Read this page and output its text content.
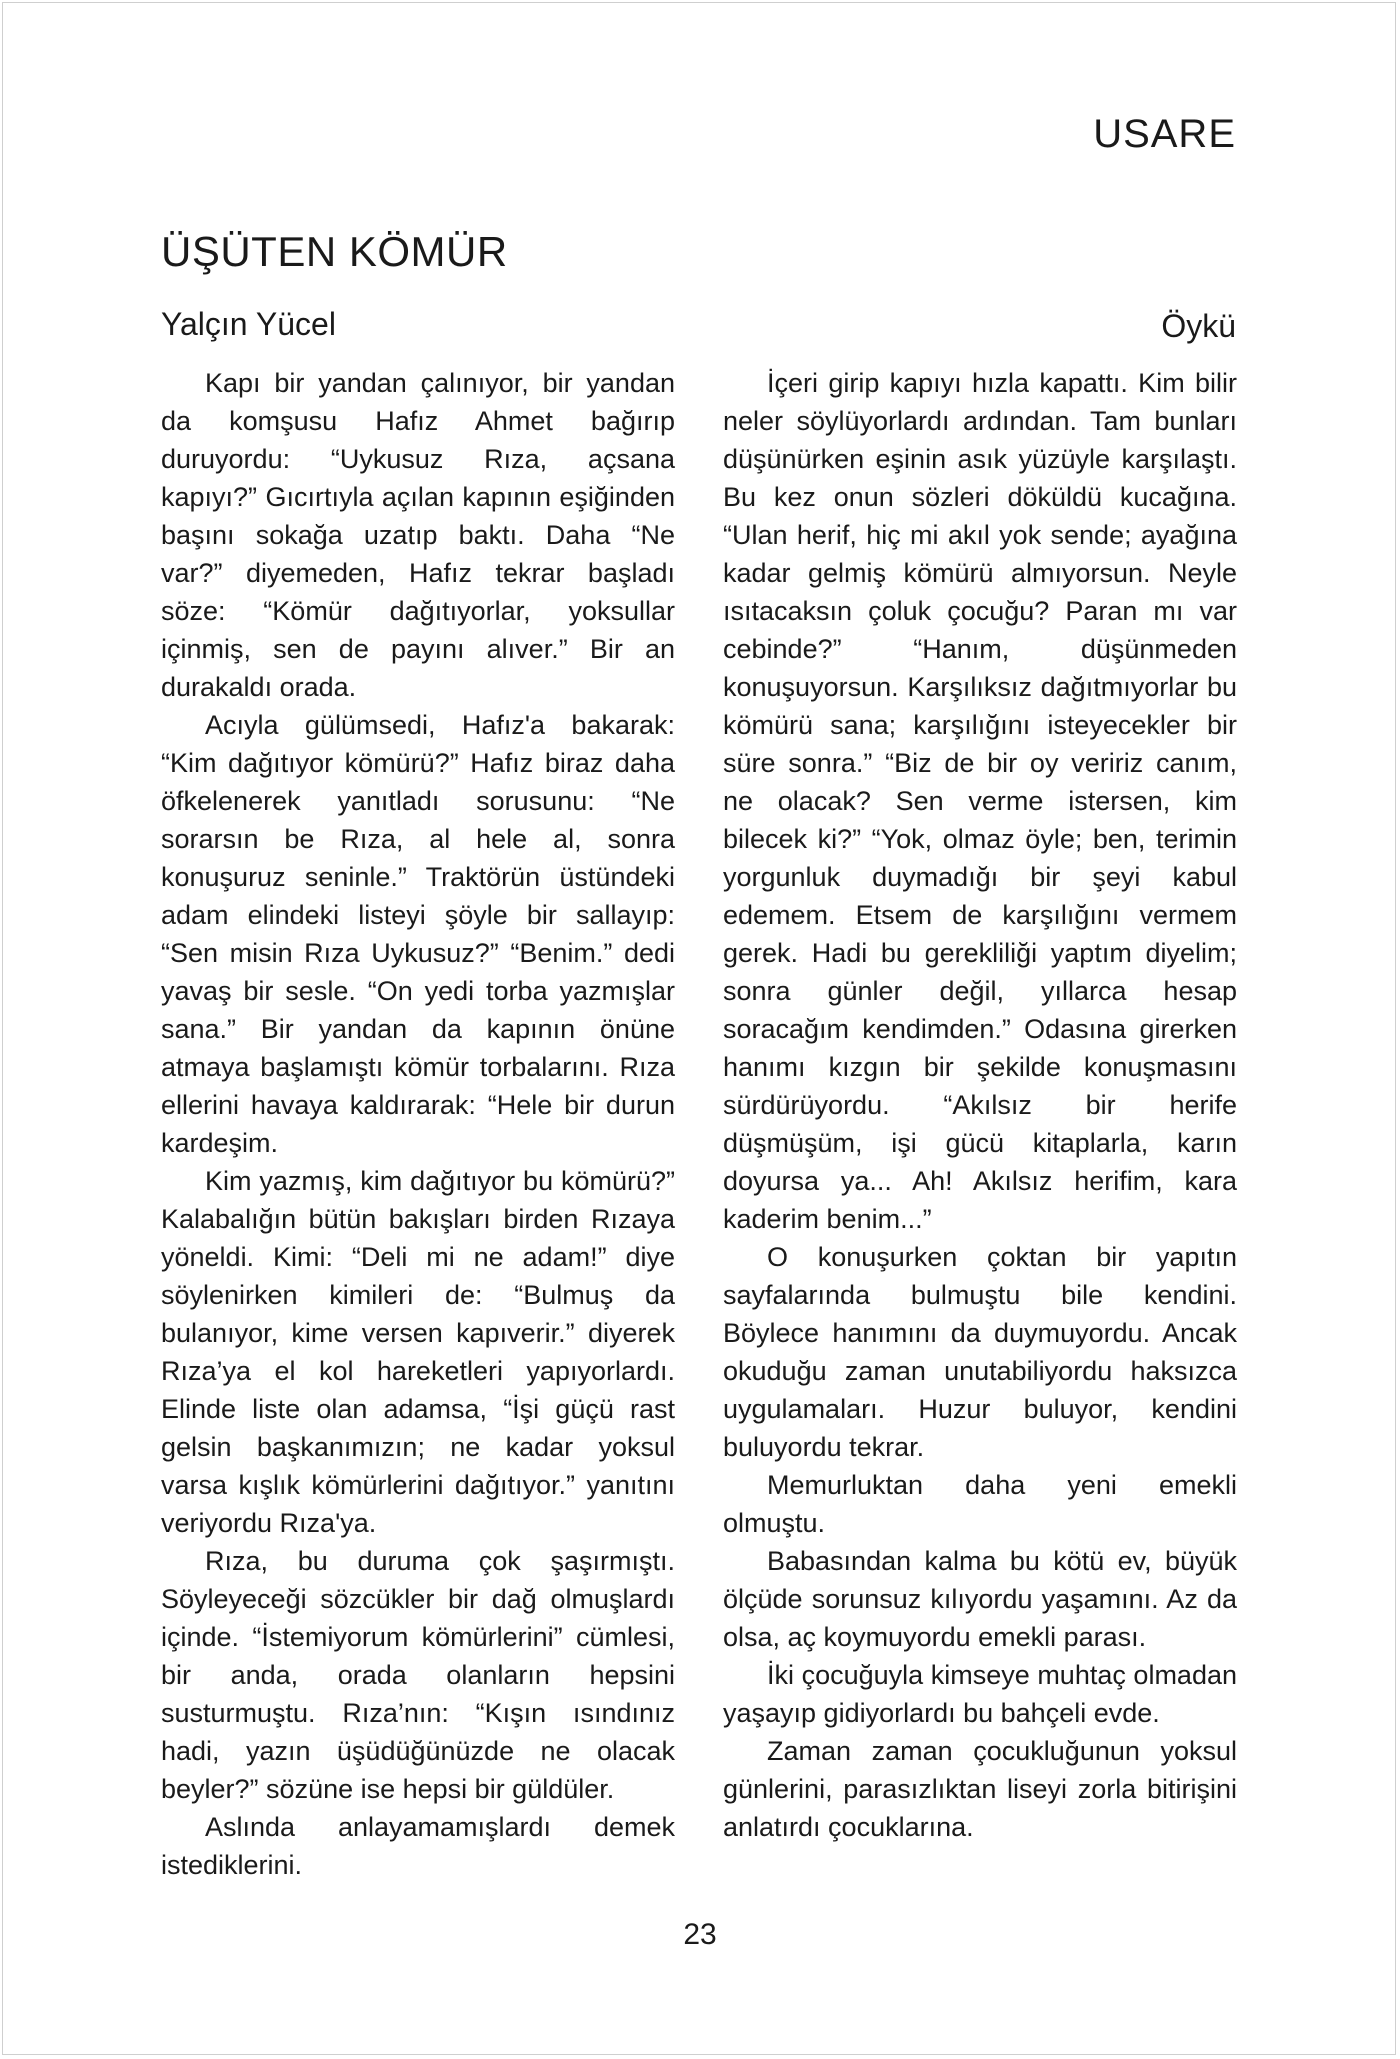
USARE
ÜŞÜTEN KÖMÜR
Yalçın Yücel	Öykü

Kapı bir yandan çalınıyor, bir yandan da komşusu Hafız Ahmet bağırıp duruyordu: “Uykusuz Rıza, açsana kapıyı?” Gıcırtıyla açılan kapının eşiğinden başını sokağa uzatıp baktı. Daha “Ne var?” diyemeden, Hafız tekrar başladı söze: “Kömür dağıtıyorlar, yoksullar içinmiş, sen de payını alıver.” Bir an durakaldı orada.

Acıyla gülümsedi, Hafız'a bakarak: “Kim dağıtıyor kömürü?” Hafız biraz daha öfkelenerek yanıtladı sorusunu: “Ne sorarsın be Rıza, al hele al, sonra konuşuruz seninle.” Traktörün üstündeki adam elindeki listeyi şöyle bir sallayıp: “Sen misin Rıza Uykusuz?” “Benim.” dedi yavaş bir sesle. “On yedi torba yazmışlar sana.” Bir yandan da kapının önüne atmaya başlamıştı kömür torbalarını. Rıza ellerini havaya kaldırarak: “Hele bir durun kardeşim.

Kim yazmış, kim dağıtıyor bu kömürü?” Kalabalığın bütün bakışları birden Rızaya yöneldi. Kimi: “Deli mi ne adam!” diye söylenirken kimileri de: “Bulmuş da bulanıyor, kime versen kapıverir.” diyerek Rıza’ya el kol hareketleri yapıyorlardı. Elinde liste olan adamsa, “İşi güçü rast gelsin başkanımızın; ne kadar yoksul varsa kışlık kömürlerini dağıtıyor.” yanıtını veriyordu Rıza'ya.

Rıza, bu duruma çok şaşırmıştı. Söyleyeceği sözcükler bir dağ olmuşlardı içinde. “İstemiyorum kömürlerini” cümlesi, bir anda, orada olanların hepsini susturmuştu. Rıza’nın: “Kışın ısındınız hadi, yazın üşüdüğünüzde ne olacak beyler?” sözüne ise hepsi bir güldüler.

Aslında anlayamamışlardı demek istediklerini.

İçeri girip kapıyı hızla kapattı. Kim bilir neler söylüyorlardı ardından. Tam bunları düşünürken eşinin asık yüzüyle karşılaştı. Bu kez onun sözleri döküldü kucağına. “Ulan herif, hiç mi akıl yok sende; ayağına kadar gelmiş kömürü almıyorsun. Neyle ısıtacaksın çoluk çocuğu? Paran mı var cebinde?” “Hanım, düşünmeden konuşuyorsun. Karşılıksız dağıtmıyorlar bu kömürü sana; karşılığını isteyecekler bir süre sonra.” “Biz de bir oy veririz canım, ne olacak? Sen verme istersen, kim bilecek ki?” “Yok, olmaz öyle; ben, terimin yorgunluk duymadığı bir şeyi kabul edemem. Etsem de karşılığını vermem gerek. Hadi bu gerekliliği yaptım diyelim; sonra günler değil, yıllarca hesap soracağım kendimden.” Odasına girerken hanımı kızgın bir şekilde konuşmasını sürdürüyordu. “Akılsız bir herife düşmüşüm, işi gücü kitaplarla, karın doyursa ya... Ah! Akılsız herifim, kara kaderim benim...”

O konuşurken çoktan bir yapıtın sayfalarında bulmuştu bile kendini. Böylece hanımını da duymuyordu. Ancak okuduğu zaman unutabiliyordu haksızca uygulamaları. Huzur buluyor, kendini buluyordu tekrar.

Memurluktan daha yeni emekli olmuştu.

Babasından kalma bu kötü ev, büyük ölçüde sorunsuz kılıyordu yaşamını. Az da olsa, aç koymuyordu emekli parası.

İki çocuğuyla kimseye muhtaç olmadan yaşayıp gidiyorlardı bu bahçeli evde.

Zaman zaman çocukluğunun yoksul günlerini, parasızlıktan liseyi zorla bitirişini anlatırdı çocuklarına.

23
